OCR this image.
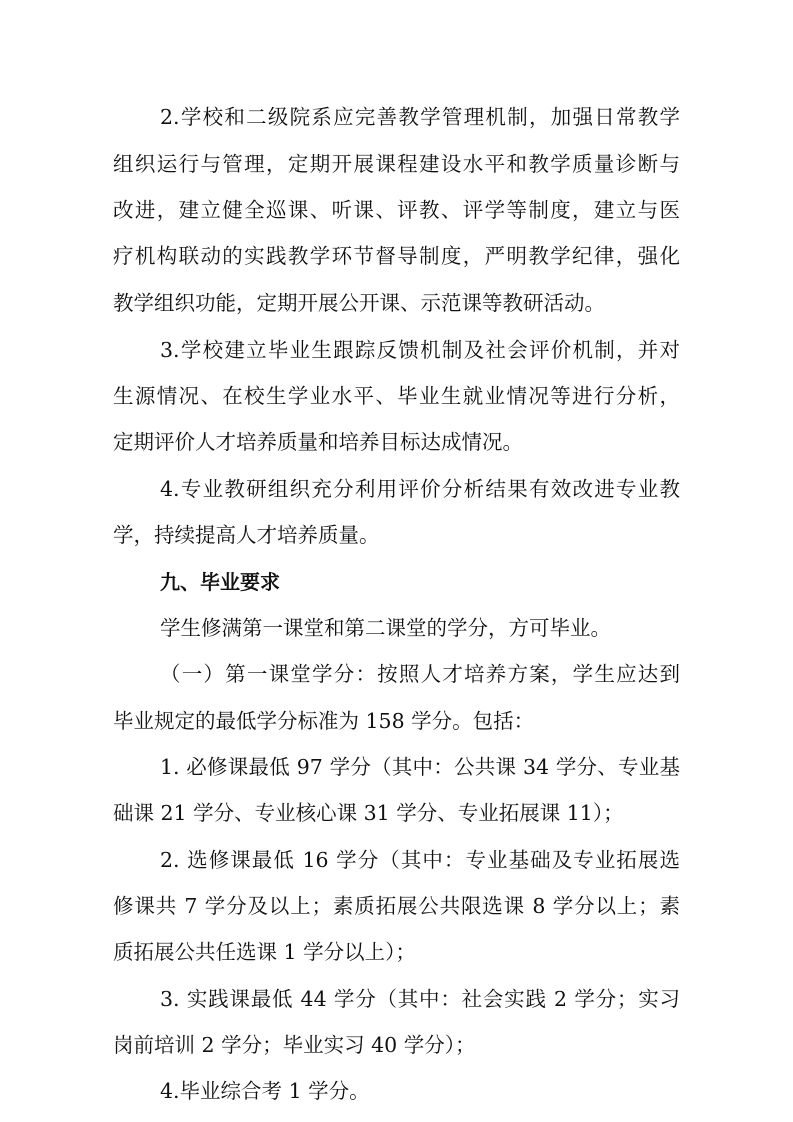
2.学校和二级院系应完善教学管理机制，加强日常教学
组织运行与管理，定期开展课程建设水平和教学质量诊断与
改进，建立健全巡课、听课、评教、评学等制度，建立与医
疗机构联动的实践教学环节督导制度，严明教学纪律，强化
教学组织功能，定期开展公开课、示范课等教研活动。
3.学校建立毕业生跟踪反馈机制及社会评价机制，并对
生源情况、在校生学业水平、毕业生就业情况等进行分析，
定期评价人才培养质量和培养目标达成情况。
4.专业教研组织充分利用评价分析结果有效改进专业教
学，持续提高人才培养质量。
九、毕业要求
学生修满第一课堂和第二课堂的学分，方可毕业。
（一）第一课堂学分：按照人才培养方案，学生应达到
毕业规定的最低学分标准为 158 学分。包括：
1. 必修课最低 97 学分（其中：公共课 34 学分、专业基
础课 21 学分、专业核心课 31 学分、专业拓展课 11）；
2. 选修课最低 16 学分（其中：专业基础及专业拓展选
修课共 7 学分及以上；素质拓展公共限选课 8 学分以上；素
质拓展公共任选课 1 学分以上）；
3. 实践课最低 44 学分（其中：社会实践 2 学分；实习
岗前培训 2 学分；毕业实习 40 学分）；
4.毕业综合考 1 学分。
